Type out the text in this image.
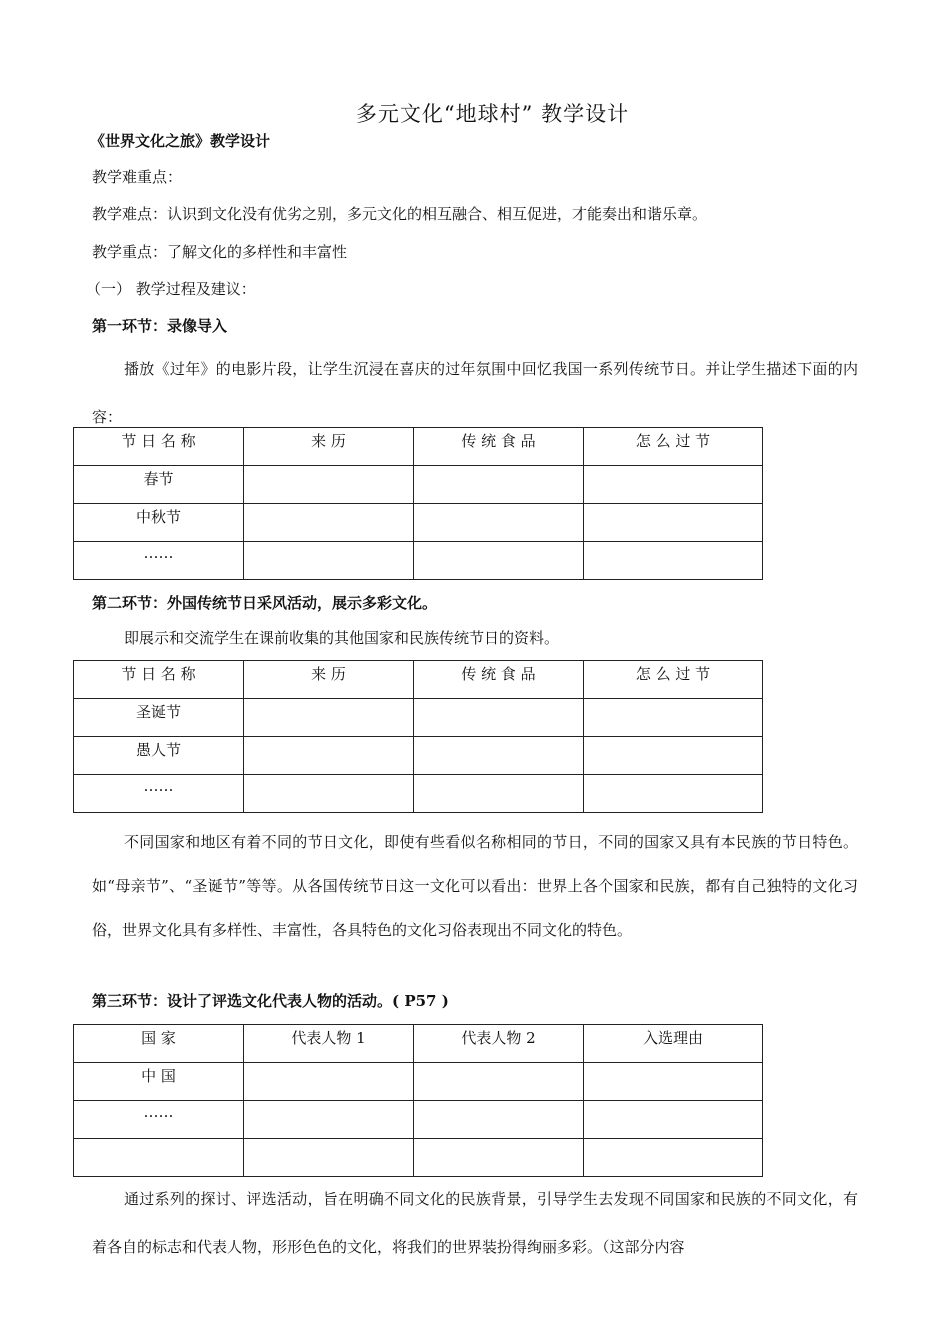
多元文化“地球村” 教学设计
《世界文化之旅》教学设计
教学难重点：
教学难点：认识到文化没有优劣之别，多元文化的相互融合、相互促进，才能奏出和谐乐章。
教学重点：了解文化的多样性和丰富性
（一） 教学过程及建议：
第一环节：录像导入

播放《过年》的电影片段，让学生沉浸在喜庆的过年氛围中回忆我国一系列传统节日。并让学生描述下面的内容：

节 日 名 称	来 历	传 统 食 品	怎 么 过 节
春节			
中秋节			
……			
第二环节：外国传统节日采风活动，展示多彩文化。

即展示和交流学生在课前收集的其他国家和民族传统节日的资料。

节 日 名 称	来 历	传 统 食 品	怎 么 过 节
圣诞节			
愚人节			
……			

不同国家和地区有着不同的节日文化，即使有些看似名称相同的节日，不同的国家又具有本民族的节日特色。如“母亲节”、“圣诞节”等等。从各国传统节日这一文化可以看出：世界上各个国家和民族，都有自己独特的文化习俗，世界文化具有多样性、丰富性，各具特色的文化习俗表现出不同文化的特色。

第三环节：设计了评选文化代表人物的活动。( P57 )
国 家	代表人物 1	代表人物 2	入选理由
中 国			
……			

通过系列的探讨、评选活动，旨在明确不同文化的民族背景，引导学生去发现不同国家和民族的不同文化，有着各自的标志和代表人物，形形色色的文化，将我们的世界装扮得绚丽多彩。（这部分内容
